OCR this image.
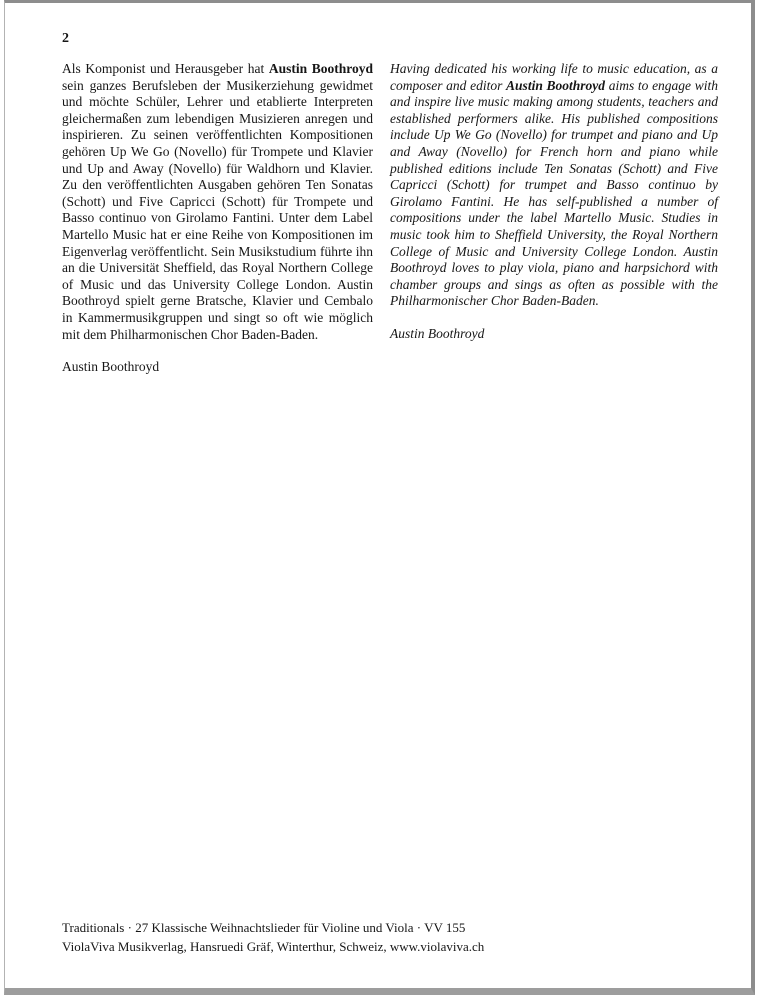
2

Als Komponist und Herausgeber hat Austin Boothroyd sein ganzes Berufsleben der Musikerziehung gewidmet und möchte Schüler, Lehrer und etablierte Interpreten gleichermaßen zum lebendigen Musizieren anregen und inspirieren. Zu seinen veröffentlichten Kompositionen gehören Up We Go (Novello) für Trompete und Klavier und Up and Away (Novello) für Waldhorn und Klavier. Zu den veröffentlichten Ausgaben gehören Ten Sonatas (Schott) und Five Capricci (Schott) für Trompete und Basso continuo von Girolamo Fantini. Unter dem Label Martello Music hat er eine Reihe von Kompositionen im Eigenverlag veröffentlicht. Sein Musikstudium führte ihn an die Universität Sheffield, das Royal Northern College of Music und das University College London. Austin Boothroyd spielt gerne Bratsche, Klavier und Cembalo in Kammermusikgruppen und singt so oft wie möglich mit dem Philharmonischen Chor Baden-Baden.

Austin Boothroyd

Having dedicated his working life to music education, as a composer and editor Austin Boothroyd aims to engage with and inspire live music making among students, teachers and established performers alike. His published compositions include Up We Go (Novello) for trumpet and piano and Up and Away (Novello) for French horn and piano while published editions include Ten Sonatas (Schott) and Five Capricci (Schott) for trumpet and Basso continuo by Girolamo Fantini. He has self-published a number of compositions under the label Martello Music. Studies in music took him to Sheffield University, the Royal Northern College of Music and University College London. Austin Boothroyd loves to play viola, piano and harpsichord with chamber groups and sings as often as possible with the Philharmonischer Chor Baden-Baden.

Austin Boothroyd

Traditionals · 27 Klassische Weihnachtslieder für Violine und Viola · VV 155
ViolaViva Musikverlag, Hansruedi Gräf, Winterthur, Schweiz, www.violaviva.ch
